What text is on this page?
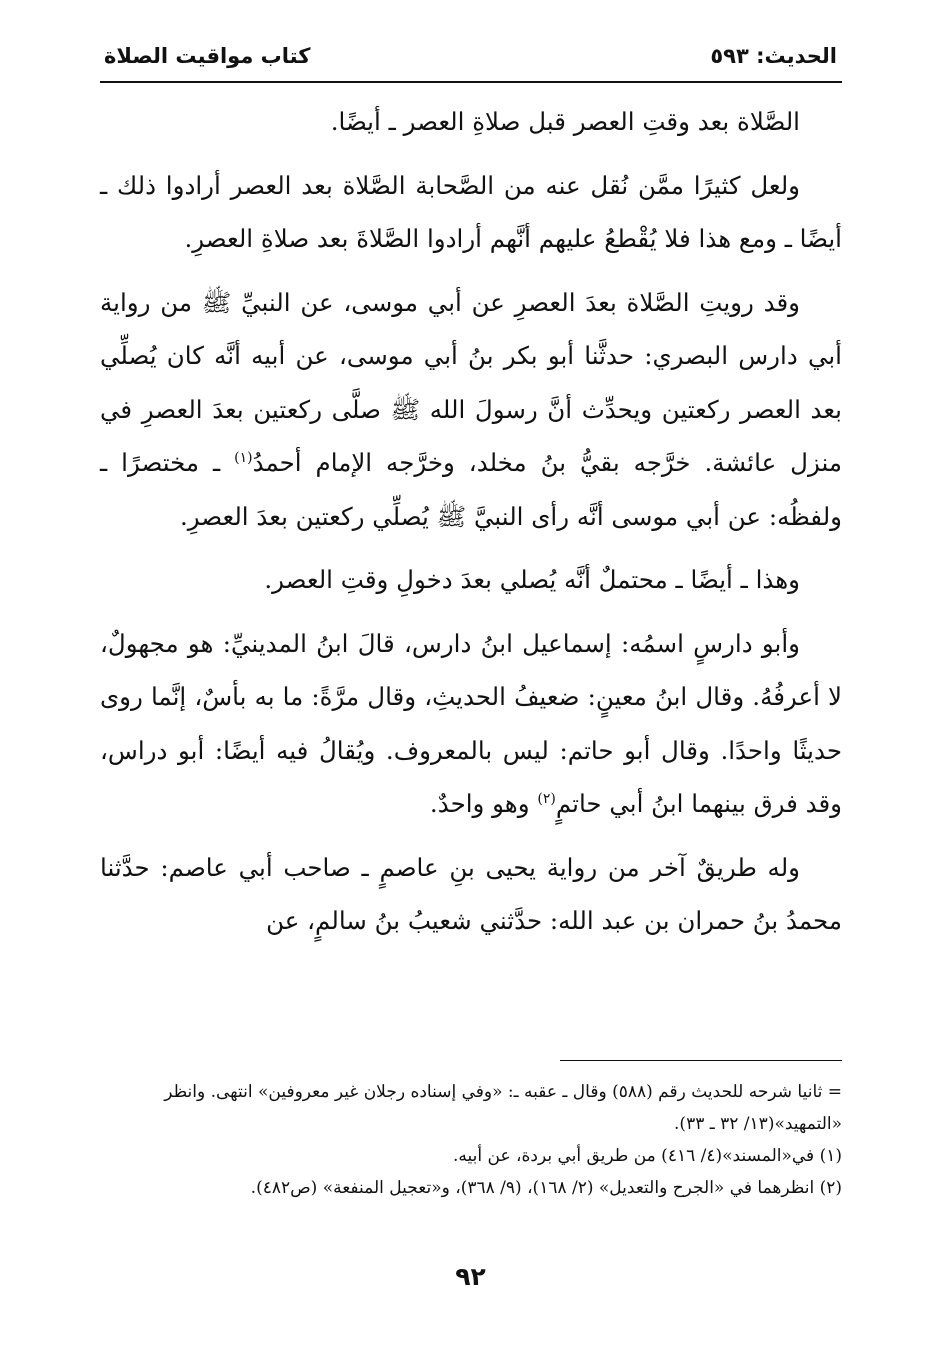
الحديث: ٥٩٣
كتاب مواقيت الصلاة

الصَّلاة بعد وقتِ العصر قبل صلاةِ العصر ـ أيضًا.

ولعل كثيرًا ممَّن نُقل عنه من الصَّحابة الصَّلاة بعد العصر أرادوا ذلك ـ أيضًا ـ ومع هذا فلا يُقْطعُ عليهم أنَّهم أرادوا الصَّلاةَ بعد صلاةِ العصرِ.

وقد رويتِ الصَّلاة بعدَ العصرِ عن أبي موسى، عن النبيِّ ﷺ من رواية أبي دارس البصري: حدثَّنا أبو بكر بنُ أبي موسى، عن أبيه أنَّه كان يُصلِّي بعد العصر ركعتين ويحدِّث أنَّ رسولَ الله ﷺ صلَّى ركعتين بعدَ العصرِ في منزل عائشة. خرَّجه بقيُّ بنُ مخلد، وخرَّجه الإمام أحمدُ$^{(١)}$ ـ مختصرًا ـ ولفظُه: عن أبي موسى أنَّه رأى النبيَّ ﷺ يُصلِّي ركعتين بعدَ العصرِ.

وهذا ـ أيضًا ـ محتملٌ أنَّه يُصلي بعدَ دخولِ وقتِ العصر.

وأبو دارسٍ اسمُه: إسماعيل ابنُ دارس، قالَ ابنُ المدينيِّ: هو مجهولٌ، لا أعرفُهُ. وقال ابنُ معينٍ: ضعيفُ الحديثِ، وقال مرَّةً: ما به بأسٌ، إنَّما روى حديثًا واحدًا. وقال أبو حاتم: ليس بالمعروف. ويُقالُ فيه أيضًا: أبو دراس، وقد فرق بينهما ابنُ أبي حاتمٍ$^{(٢)}$ وهو واحدٌ.

وله طريقٌ آخر من رواية يحيى بنِ عاصمٍ ـ صاحب أبي عاصم: حدَّثنا محمدُ بنُ حمران بن عبد الله: حدَّثني شعيبُ بنُ سالمٍ، عن

= ثانيا شرحه للحديث رقم (٥٨٨) وقال ـ عقبه ـ: «وفي إسناده رجلان غير معروفين» انتهى. وانظر «التمهيد»(١٣/ ٣٢ ـ ٣٣).
(١) في«المسند»(٤/ ٤١٦) من طريق أبي بردة، عن أبيه.
(٢) انظرهما في «الجرح والتعديل» (٢/ ١٦٨)، (٩/ ٣٦٨)، و«تعجيل المنفعة» (ص٤٨٢).
٩٢
